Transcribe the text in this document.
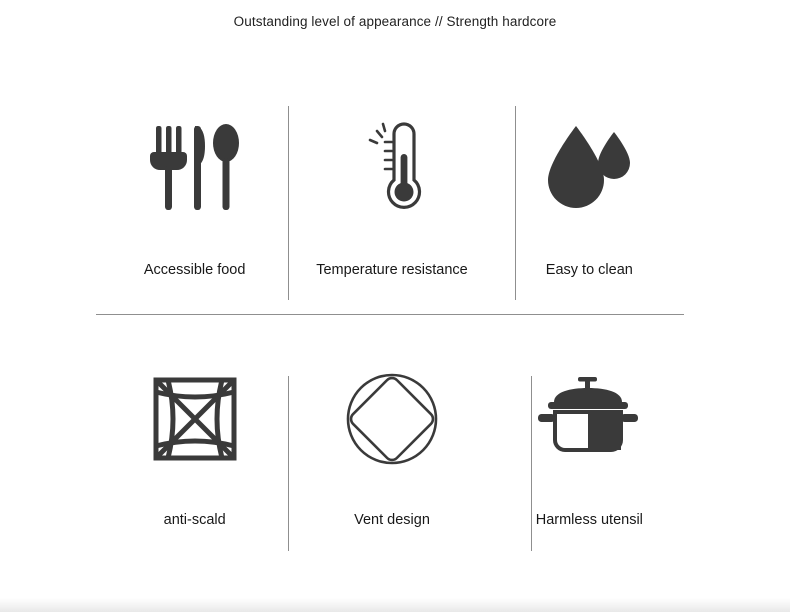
Outstanding level of appearance // Strength hardcore
Accessible food	Temperature resistance	Easy to clean
anti-scald	Vent design	Harmless utensil
